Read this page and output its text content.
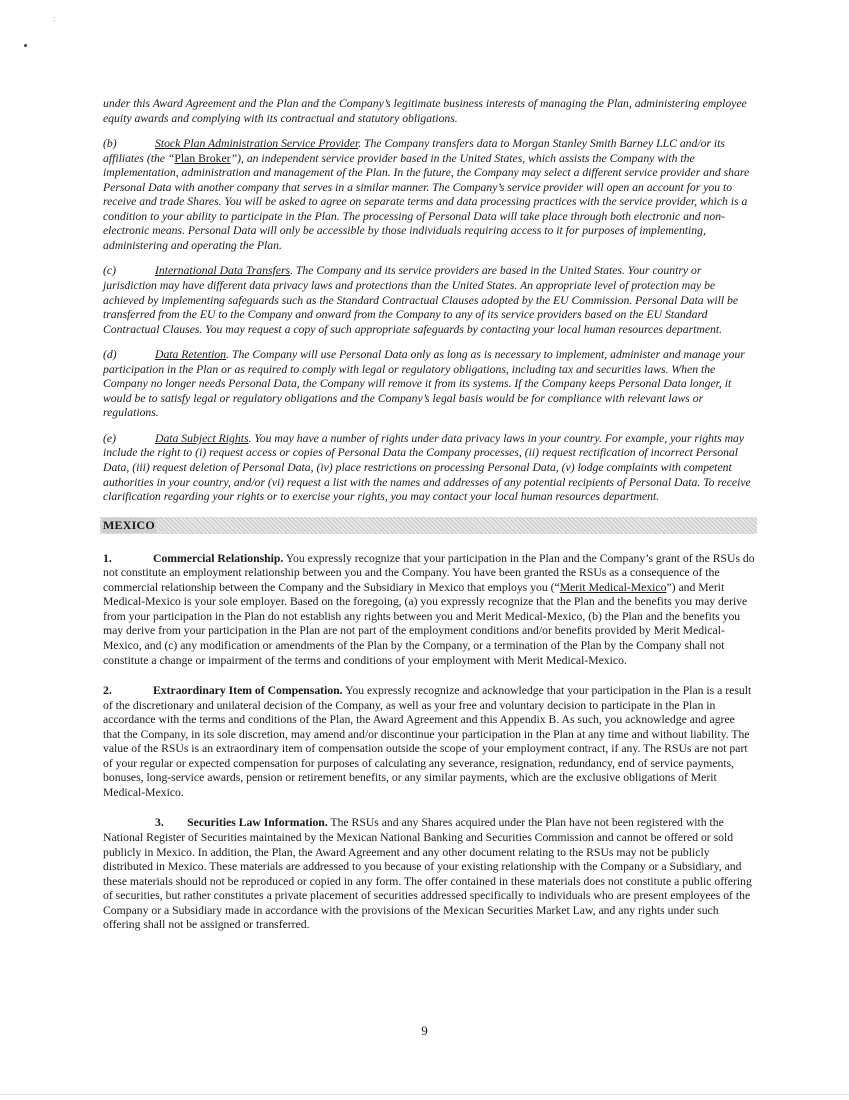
:

under this Award Agreement and the Plan and the Company’s legitimate business interests of managing the Plan, administering employee equity awards and complying with its contractual and statutory obligations.

(b)	Stock Plan Administration Service Provider. The Company transfers data to Morgan Stanley Smith Barney LLC and/or its affiliates (the “Plan Broker”), an independent service provider based in the United States, which assists the Company with the implementation, administration and management of the Plan. In the future, the Company may select a different service provider and share Personal Data with another company that serves in a similar manner. The Company’s service provider will open an account for you to receive and trade Shares. You will be asked to agree on separate terms and data processing practices with the service provider, which is a condition to your ability to participate in the Plan. The processing of Personal Data will take place through both electronic and non-electronic means. Personal Data will only be accessible by those individuals requiring access to it for purposes of implementing, administering and operating the Plan.

(c)	International Data Transfers. The Company and its service providers are based in the United States. Your country or jurisdiction may have different data privacy laws and protections than the United States. An appropriate level of protection may be achieved by implementing safeguards such as the Standard Contractual Clauses adopted by the EU Commission. Personal Data will be transferred from the EU to the Company and onward from the Company to any of its service providers based on the EU Standard Contractual Clauses. You may request a copy of such appropriate safeguards by contacting your local human resources department.

(d)	Data Retention. The Company will use Personal Data only as long as is necessary to implement, administer and manage your participation in the Plan or as required to comply with legal or regulatory obligations, including tax and securities laws. When the Company no longer needs Personal Data, the Company will remove it from its systems. If the Company keeps Personal Data longer, it would be to satisfy legal or regulatory obligations and the Company’s legal basis would be for compliance with relevant laws or regulations.

(e)	Data Subject Rights. You may have a number of rights under data privacy laws in your country. For example, your rights may include the right to (i) request access or copies of Personal Data the Company processes, (ii) request rectification of incorrect Personal Data, (iii) request deletion of Personal Data, (iv) place restrictions on processing Personal Data, (v) lodge complaints with competent authorities in your country, and/or (vi) request a list with the names and addresses of any potential recipients of Personal Data. To receive clarification regarding your rights or to exercise your rights, you may contact your local human resources department.

MEXICO

1.	Commercial Relationship. You expressly recognize that your participation in the Plan and the Company’s grant of the RSUs do not constitute an employment relationship between you and the Company. You have been granted the RSUs as a consequence of the commercial relationship between the Company and the Subsidiary in Mexico that employs you (“Merit Medical-Mexico”) and Merit Medical-Mexico is your sole employer. Based on the foregoing, (a) you expressly recognize that the Plan and the benefits you may derive from your participation in the Plan do not establish any rights between you and Merit Medical-Mexico, (b) the Plan and the benefits you may derive from your participation in the Plan are not part of the employment conditions and/or benefits provided by Merit Medical-Mexico, and (c) any modification or amendments of the Plan by the Company, or a termination of the Plan by the Company shall not constitute a change or impairment of the terms and conditions of your employment with Merit Medical-Mexico.

2.	Extraordinary Item of Compensation. You expressly recognize and acknowledge that your participation in the Plan is a result of the discretionary and unilateral decision of the Company, as well as your free and voluntary decision to participate in the Plan in accordance with the terms and conditions of the Plan, the Award Agreement and this Appendix B. As such, you acknowledge and agree that the Company, in its sole discretion, may amend and/or discontinue your participation in the Plan at any time and without liability. The value of the RSUs is an extraordinary item of compensation outside the scope of your employment contract, if any. The RSUs are not part of your regular or expected compensation for purposes of calculating any severance, resignation, redundancy, end of service payments, bonuses, long-service awards, pension or retirement benefits, or any similar payments, which are the exclusive obligations of Merit Medical-Mexico.

3. Securities Law Information. The RSUs and any Shares acquired under the Plan have not been registered with the National Register of Securities maintained by the Mexican National Banking and Securities Commission and cannot be offered or sold publicly in Mexico. In addition, the Plan, the Award Agreement and any other document relating to the RSUs may not be publicly distributed in Mexico. These materials are addressed to you because of your existing relationship with the Company or a Subsidiary, and these materials should not be reproduced or copied in any form. The offer contained in these materials does not constitute a public offering of securities, but rather constitutes a private placement of securities addressed specifically to individuals who are present employees of the Company or a Subsidiary made in accordance with the provisions of the Mexican Securities Market Law, and any rights under such offering shall not be assigned or transferred.

9
